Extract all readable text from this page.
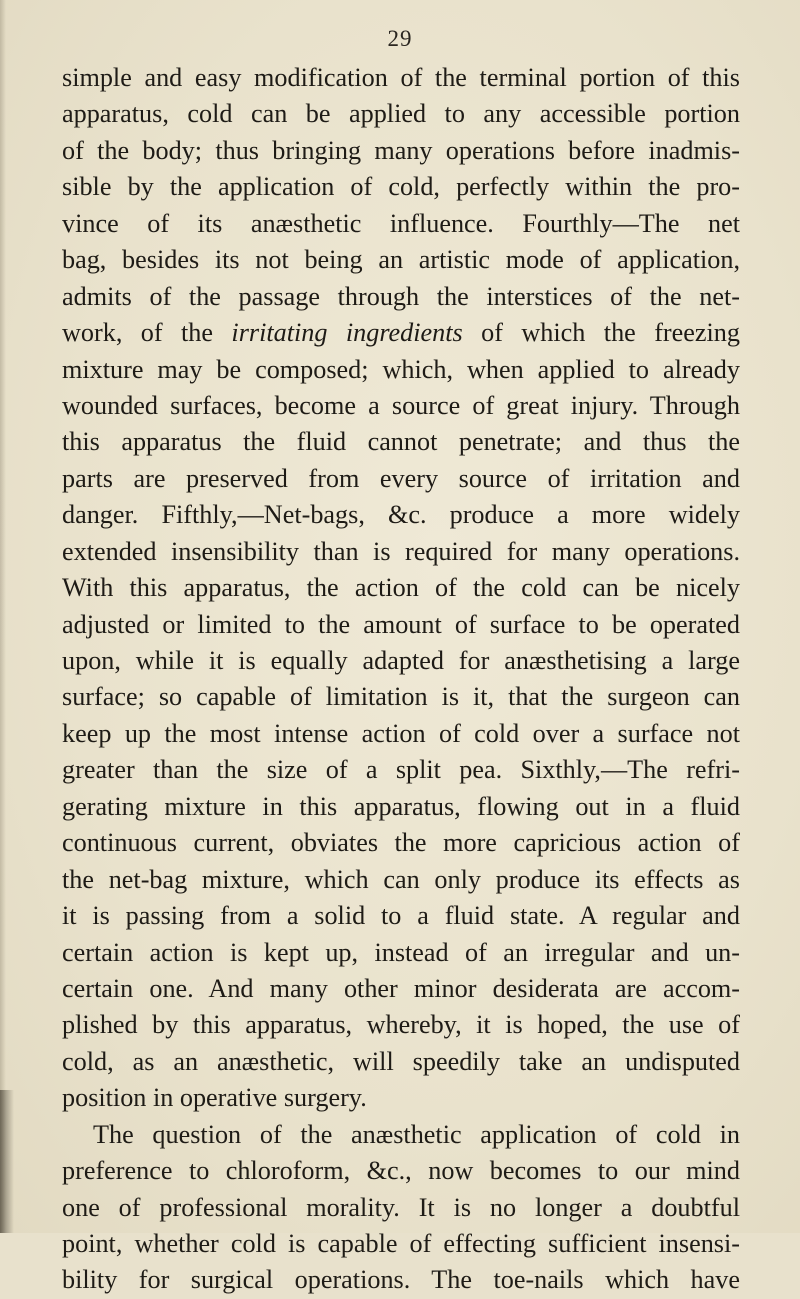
29
simple and easy modification of the terminal portion of this
apparatus, cold can be applied to any accessible portion
of the body; thus bringing many operations before inadmis-
sible by the application of cold, perfectly within the pro-
vince of its anæsthetic influence. Fourthly—The net
bag, besides its not being an artistic mode of application,
admits of the passage through the interstices of the net-
work, of the irritating ingredients of which the freezing
mixture may be composed; which, when applied to already
wounded surfaces, become a source of great injury. Through
this apparatus the fluid cannot penetrate; and thus the
parts are preserved from every source of irritation and
danger. Fifthly,—Net-bags, &c. produce a more widely
extended insensibility than is required for many operations.
With this apparatus, the action of the cold can be nicely
adjusted or limited to the amount of surface to be operated
upon, while it is equally adapted for anæsthetising a large
surface; so capable of limitation is it, that the surgeon can
keep up the most intense action of cold over a surface not
greater than the size of a split pea. Sixthly,—The refri-
gerating mixture in this apparatus, flowing out in a fluid
continuous current, obviates the more capricious action of
the net-bag mixture, which can only produce its effects as
it is passing from a solid to a fluid state. A regular and
certain action is kept up, instead of an irregular and un-
certain one. And many other minor desiderata are accom-
plished by this apparatus, whereby, it is hoped, the use of
cold, as an anæsthetic, will speedily take an undisputed
position in operative surgery.
The question of the anæsthetic application of cold in
preference to chloroform, &c., now becomes to our mind
one of professional morality. It is no longer a doubtful
point, whether cold is capable of effecting sufficient insensi-
bility for surgical operations. The toe-nails which have
